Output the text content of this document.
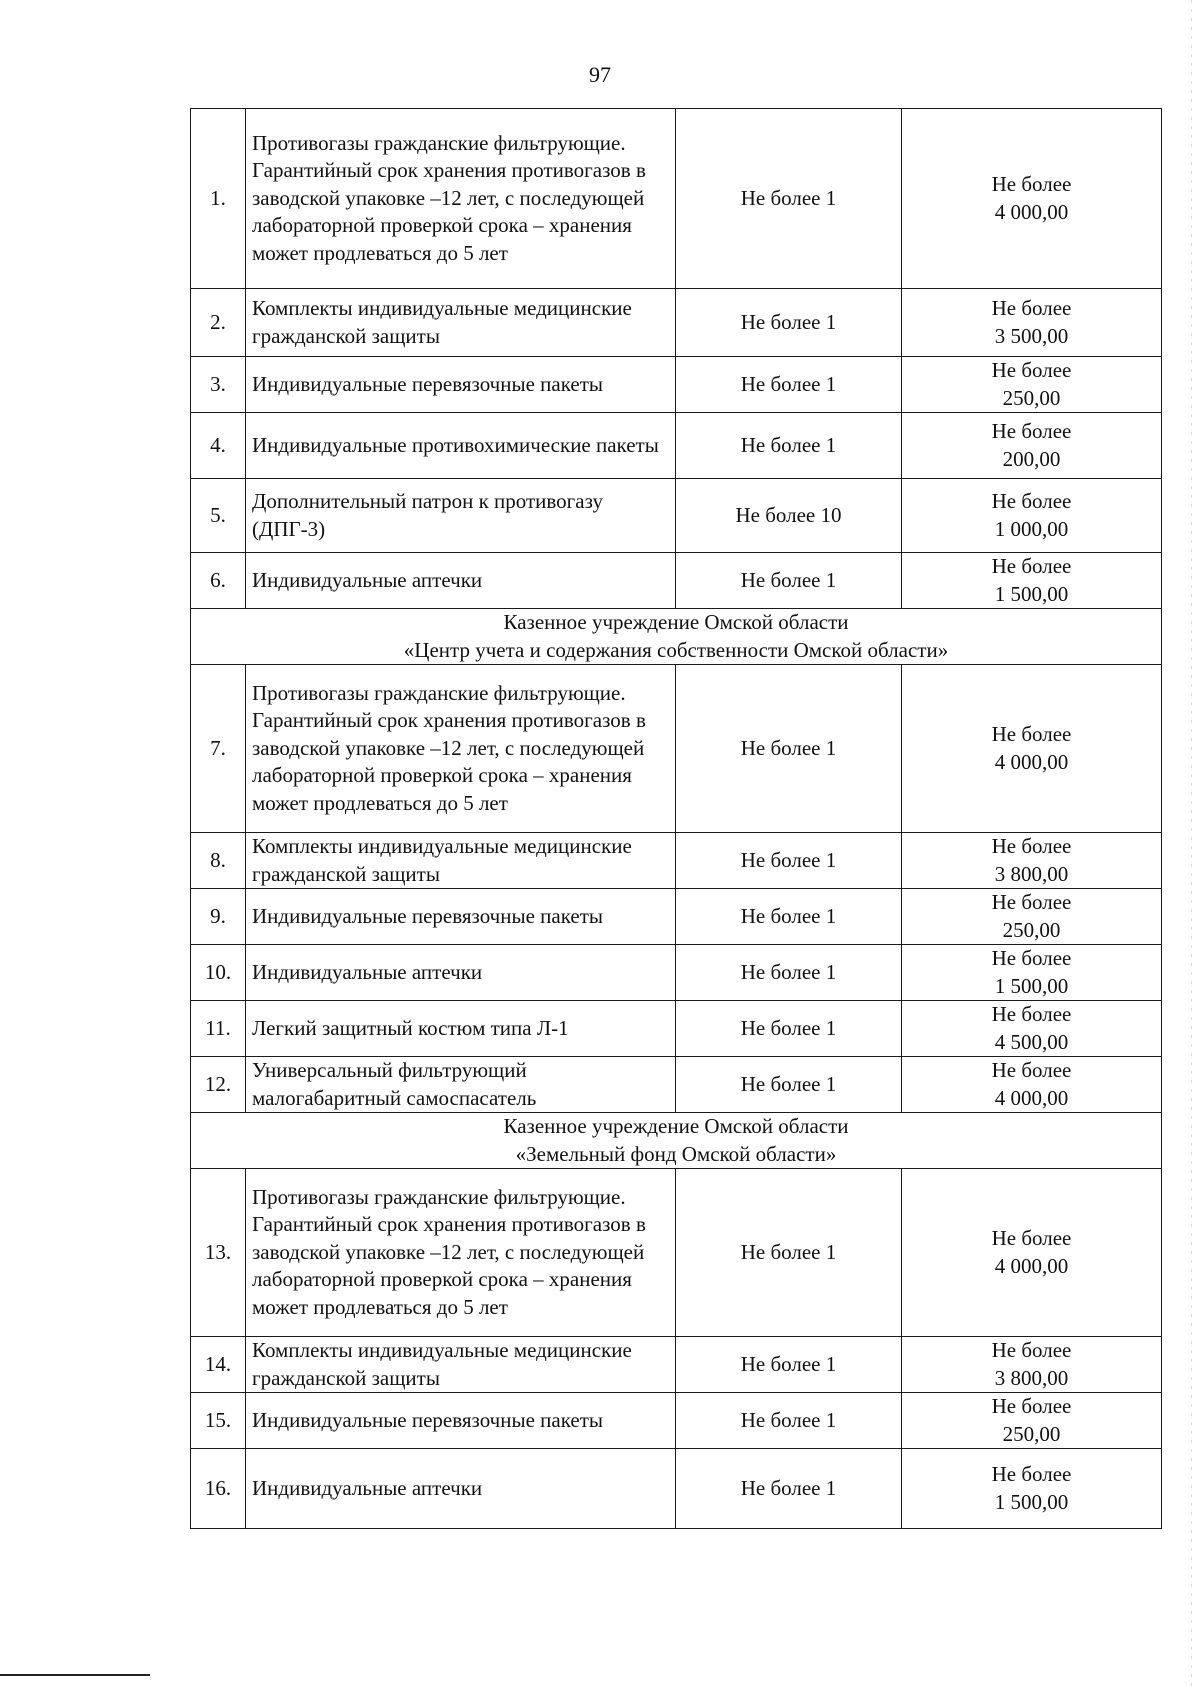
97
1.	Противогазы гражданские фильтрующие. Гарантийный срок хранения противогазов в заводской упаковке –12 лет, с последующей лабораторной проверкой срока – хранения может продлеваться до 5 лет	Не более 1	Не более
4 000,00

2.	Комплекты индивидуальные медицинские гражданской защиты	Не более 1	Не более
3 500,00

3.	Индивидуальные перевязочные пакеты	Не более 1	Не более
250,00

4.	Индивидуальные противохимические пакеты	Не более 1	Не более
200,00

5.	Дополнительный патрон к противогазу (ДПГ-3)	Не более 10	Не более
1 000,00

6.	Индивидуальные аптечки	Не более 1	Не более
1 500,00

Казенное учреждение Омской области
«Центр учета и содержания собственности Омской области»			

7.	Противогазы гражданские фильтрующие. Гарантийный срок хранения противогазов в заводской упаковке –12 лет, с последующей лабораторной проверкой срока – хранения может продлеваться до 5 лет	Не более 1	Не более
4 000,00

8.	Комплекты индивидуальные медицинские гражданской защиты	Не более 1	Не более
3 800,00

9.	Индивидуальные перевязочные пакеты	Не более 1	Не более
250,00

10.	Индивидуальные аптечки	Не более 1	Не более
1 500,00

11.	Легкий защитный костюм типа Л-1	Не более 1	Не более
4 500,00

12.	Универсальный фильтрующий малогабаритный самоспасатель	Не более 1	Не более
4 000,00

Казенное учреждение Омской области
«Земельный фонд Омской области»			

13.	Противогазы гражданские фильтрующие. Гарантийный срок хранения противогазов в заводской упаковке –12 лет, с последующей лабораторной проверкой срока – хранения может продлеваться до 5 лет	Не более 1	Не более
4 000,00

14.	Комплекты индивидуальные медицинские гражданской защиты	Не более 1	Не более
3 800,00

15.	Индивидуальные перевязочные пакеты	Не более 1	Не более
250,00

16.	Индивидуальные аптечки	Не более 1	Не более
1 500,00
